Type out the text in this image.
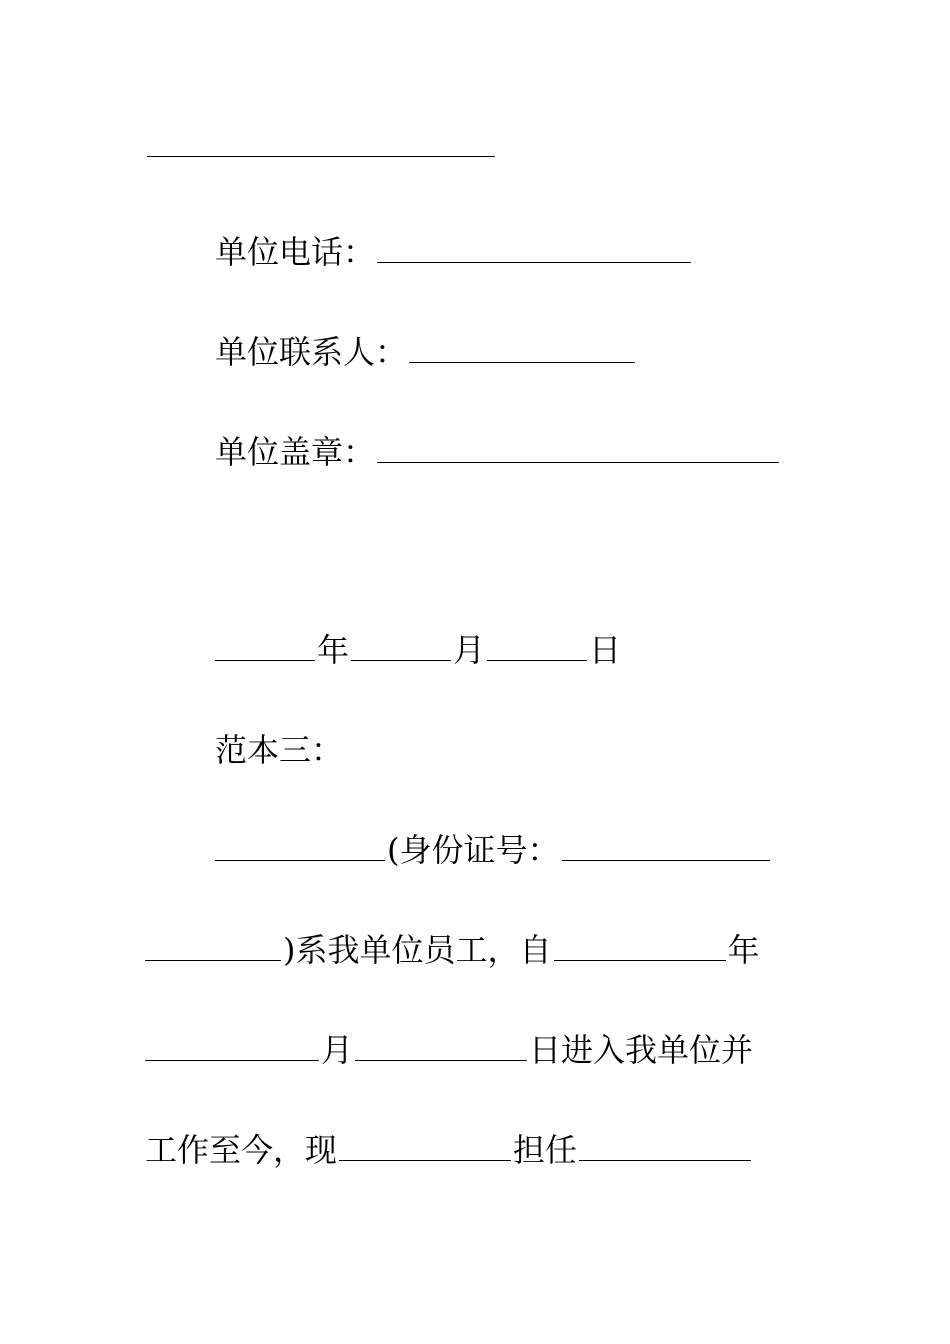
单位电话：
单位联系人：
单位盖章：
年	月	日
范本三：
(身份证号：
)系我单位员工，自	年
月	日进入我单位并
工作至今，现	担任
